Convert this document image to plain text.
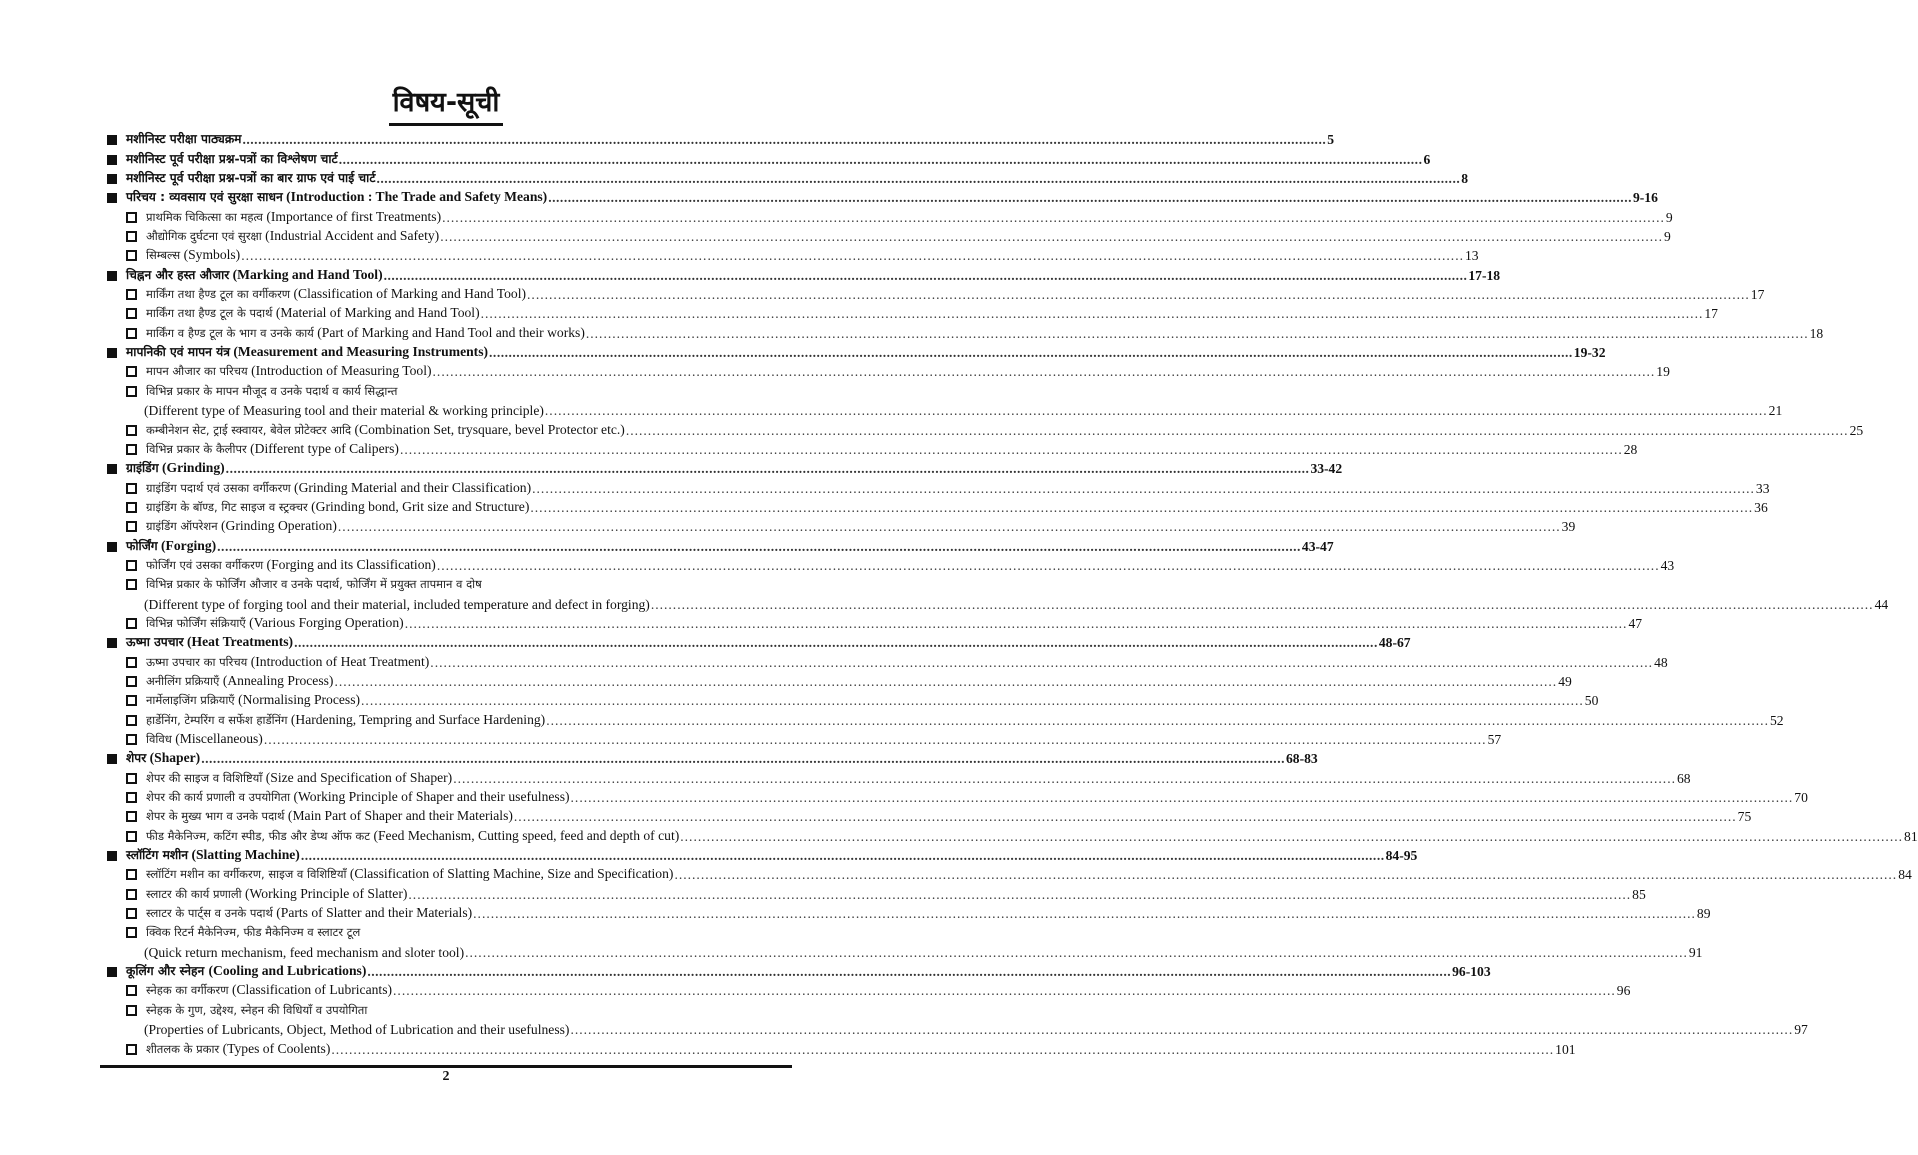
विषय-सूची
मशीनिस्ट परीक्षा पाठ्यक्रम .....	5
मशीनिस्ट पूर्व परीक्षा प्रश्न-पत्रों का विश्लेषण चार्ट .....	6
मशीनिस्ट पूर्व परीक्षा प्रश्न-पत्रों का बार ग्राफ एवं पाई चार्ट .....	8
परिचय : व्यवसाय एवं सुरक्षा साधन (Introduction : The Trade and Safety Means) .....	9-16
प्राथमिक चिकित्सा का महत्व (Importance of first Treatments) .....	9
औद्योगिक दुर्घटना एवं सुरक्षा (Industrial Accident and Safety) .....	9
सिम्बल्स (Symbols) .....	13
चिह्नन और हस्त औजार (Marking and Hand Tool) .....	17-18
मार्किंग तथा हैण्ड टूल का वर्गीकरण (Classification of Marking and Hand Tool) .....	17
मार्किंग तथा हैण्ड टूल के पदार्थ (Material of Marking and Hand Tool) .....	17
मार्किंग व हैण्ड टूल के भाग व उनके कार्य (Part of Marking and Hand Tool and their works) .....	18
मापनिकी एवं मापन यंत्र (Measurement and Measuring Instruments) .....	19-32
मापन औजार का परिचय (Introduction of Measuring Tool) .....	19
विभिन्न प्रकार के मापन मौजूद व उनके पदार्थ व कार्य सिद्धान्त
(Different type of Measuring tool and their material & working principle) .....	21
कम्बीनेशन सेट, ट्राई स्क्वायर, बेवेल प्रोटेक्टर आदि (Combination Set, trysquare, bevel Protector etc.) .....	25
विभिन्न प्रकार के कैलीपर (Different type of Calipers) .....	28
ग्राइंडिंग (Grinding) .....	33-42
ग्राइंडिंग पदार्थ एवं उसका वर्गीकरण (Grinding Material and their Classification) .....	33
ग्राइंडिंग के बॉण्ड, गिट साइज व स्ट्रक्चर (Grinding bond, Grit size and Structure) .....	36
ग्राइंडिंग ऑपरेशन (Grinding Operation) .....	39
फोर्जिंग (Forging) .....	43-47
फोर्जिंग एवं उसका वर्गीकरण (Forging and its Classification) .....	43
विभिन्न प्रकार के फोर्जिंग औजार व उनके पदार्थ, फोर्जिंग में प्रयुक्त तापमान व दोष
(Different type of forging tool and their material, included temperature and defect in forging) .....	44
विभिन्न फोर्जिंग संक्रियाएँ (Various Forging Operation) .....	47
ऊष्मा उपचार (Heat Treatments) .....	48-67
ऊष्मा उपचार का परिचय (Introduction of Heat Treatment) .....	48
अनीलिंग प्रक्रियाएँ (Annealing Process) .....	49
नार्मेलाइजिंग प्रक्रियाएँ (Normalising Process) .....	50
हार्डेनिंग, टेम्परिंग व सर्फेश हार्डेनिंग (Hardening, Tempring and Surface Hardening) .....	52
विविध (Miscellaneous) .....	57
शेपर (Shaper) .....	68-83
शेपर की साइज व विशिष्टियाँ (Size and Specification of Shaper) .....	68
शेपर की कार्य प्रणाली व उपयोगिता (Working Principle of Shaper and their usefulness) .....	70
शेपर के मुख्य भाग व उनके पदार्थ (Main Part of Shaper and their Materials) .....	75
फीड मैकेनिज्म, कटिंग स्पीड, फीड और डेप्थ ऑफ कट (Feed Mechanism, Cutting speed, feed and depth of cut) .....	81
स्लॉटिंग मशीन (Slatting Machine) .....	84-95
स्लॉटिंग मशीन का वर्गीकरण, साइज व विशिष्टियाँ (Classification of Slatting Machine, Size and Specification) .....	84
स्लाटर की कार्य प्रणाली (Working Principle of Slatter) .....	85
स्लाटर के पार्ट्स व उनके पदार्थ (Parts of Slatter and their Materials) .....	89
क्विक रिटर्न मैकेनिज्म, फीड मैकेनिज्म व स्लाटर टूल
(Quick return mechanism, feed mechanism and sloter tool) .....	91
कूलिंग और स्नेहन (Cooling and Lubrications) .....	96-103
स्नेहक का वर्गीकरण (Classification of Lubricants) .....	96
स्नेहक के गुण, उद्देश्य, स्नेहन की विधियाँ व उपयोगिता
(Properties of Lubricants, Object, Method of Lubrication and their usefulness) .....	97
शीतलक के प्रकार (Types of Coolents) .....	101
2
